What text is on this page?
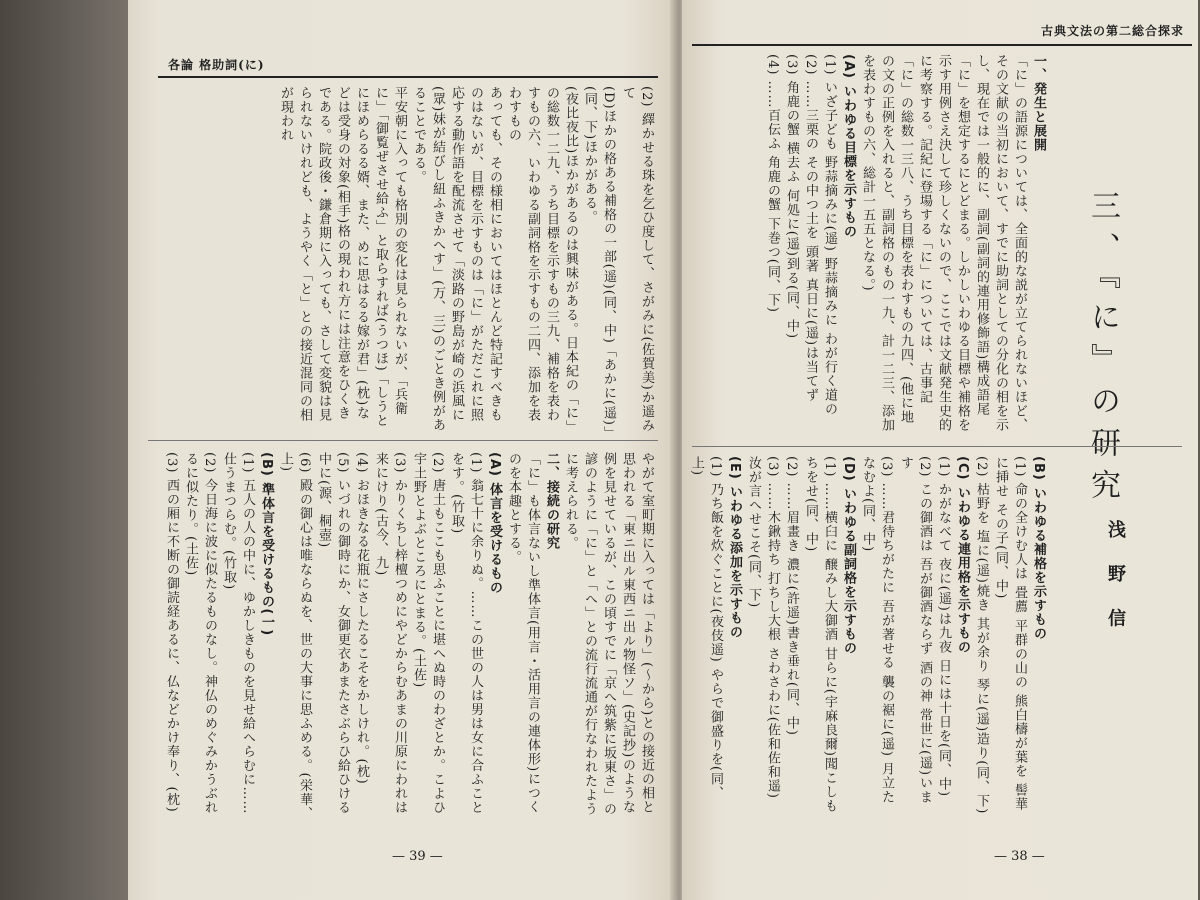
各論 格助詞(に)

(2) 繹かせる珠を乞ひ度して、さがみに(佐賀美)か遥みて

(D)ほかの格ある補格の一部(遥)(同、中)「あかに(遥)」(同、下)ほかがある。

(夜比夜比)ほかがあるのは興味がある。日本紀の「に」の総数一二九、うち目標を示すもの三九、補格を表わすもの六、いわゆる副詞格を示すもの二四、添加を表わすもの

あっても、その様相においてはほとんど特記すべきものはないが、目標を示すものは「に」がただこれに照応する動作語を配流させて「淡路の野島が崎の浜風に(眾)妹が結びし紐ふきかへす」(万、三)のごとき例があることである。

平安朝に入っても格別の変化は見られないが、「兵衛に」「御覧ぜさせ給ふ」と取らすれば(うつほ)「しうとにほめらるる婿、また、めに思はるる嫁が君」(枕)などは受身の対象(相手)格の現われ方には注意をひくきである。院政後・鎌倉期に入っても、さして変貌は見られないけれども、ようやく「と」との接近混同の相が現われ

やがて室町期に入っては「より」(～から)との接近の相と思われる「東ニ出ル東西ニ出ル物怪ソ」(史記抄)のような例を見せているが、この頃すでに「京へ筑紫に坂東さ」の諺のように「に」と「へ」との流行流通が行なわれたように考えられる。

二、接続の研究

「に」も体言ないし準体言(用言・活用言の連体形)につくのを本趣とする。

(A) 体言を受けるもの

(1) 翁七十に余りぬ。……この世の人は男は女に合ふことをす。(竹取)

(2) 唐土もここも思ふことに堪へぬ時のわざとか。こよひ宇土野とよぶところにとまる。(土佐)

(3) かりくちし梓檀つめにやどからむあまの川原にわれは来にけり(古今、九)

(4) おほきなる花瓶にさしたるこそをかしけれ。(枕)

(5) いづれの御時にか、女御更衣あまたさぶらひ給ひける中に(源、桐壺)

(6) 殿の御心は唯ならぬを、世の大事に思ふめる。(栄華、上)

(B) 準体言を受けるもの(一)

(1) 五人の人の中に、ゆかしきものを見せ給へらむに……仕うまつらむ。(竹取)

(2) 今日海に波に似たるものなし。神仏のめぐみかうぶれるに似たり。(土佐)

(3) 西の厢に不断の御読経あるに、仏などかけ奉り、(枕)

— 39 —
古典文法の第二総合探求

一、発生と展開

「に」の語源については、全面的な説が立てられないほど、その文献の当初において、すでに助詞としての分化の相を示し、現在では一般的に、副詞(副詞的連用修飾語)構成語尾「に」を想定するにとどまる。しかしいわゆる目標や補格を示す用例さえ決して珍しくないので、ここでは文献発生史的に考察する。記紀に登場する「に」については、古事記「に」の総数一三八、うち目標を表わすもの九四、(他に地の文の正例を入れると、副詞格のもの一九、計一二三、添加を表わすもの六、総計一五五となる。)

(A) いわゆる目標を示すもの

(1) いざ子ども 野蒜摘みに(遥) 野蒜摘みに わが行く道の

(2) ……三栗の その中つ土を 頭著 真日に(遥)は当てず

(3) 角鹿の蟹 横去ふ 何処に(遥)到る(同、中)

(4) ……百伝ふ 角鹿の蟹 下巻つ(同、下)

三、『に』の研究

(B) いわゆる補格を示すもの

(1) 命の全けむ人は 畳薦 平群の山の 熊白檮が葉を 髻華に挿せ その子(同、中)

(2) 枯野を 塩に(遥)焼き 其が余り 琴に(遥)造り(同、下)

(C) いわゆる連用格を示すもの

(1) かがなべて 夜に(遥)は九夜 日には十日を(同、中)

(2) この御酒は 吾が御酒ならず 酒の神 常世に(遥)います

(3) ……君待ちがたに 吾が著せる 襲の裾に(遥) 月立たなむよ(同、中)

(D) いわゆる副詞格を示すもの

(1) ……横臼に 醸みし大御酒 甘らに(宇麻良爾)聞こしもちをせ(同、中)

(2) ……眉畫き 濃に(許遥)書き垂れ(同、中)

(3) ……木鍬持ち 打ちし大根 さわさわに(佐和佐和遥) 汝が言へせこそ(同、下)

(E) いわゆる添加を示すもの

(1) 乃ち飯を炊ぐことに(夜伎遥) やらで御盛りを(同、上)

浅 野 信
— 38 —
